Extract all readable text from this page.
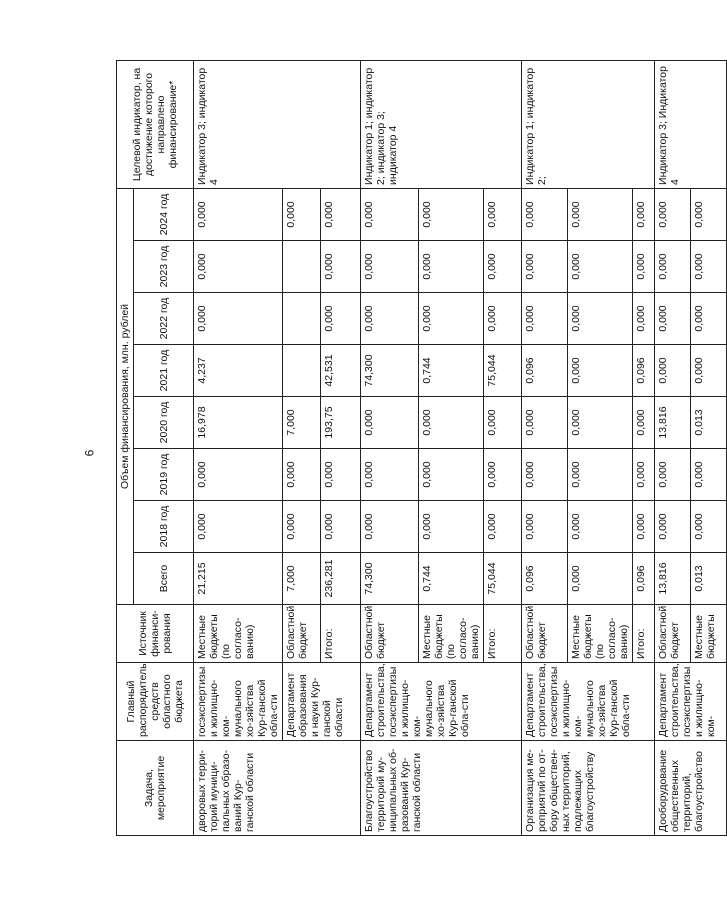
6
Задача, мероприятие	Главный распорядитель средств областного бюджета	Источник финанси-рования	Объем финансирования, млн. рублей								Целевой индикатор, на достижение которого направлено финансирование*
			Всего	2018 год	2019 год	2020 год	2021 год	2022 год	2023 год	2024 год	
дворовых терри-торий муници-пальных образо-ваний Кур-ганской области	госэкспертизы и жилищно-ком-мунального хо-зяйства Кур-ганской обла-сти	Местные бюджеты (по согласо-ванию)	21,215	0,000	0,000	16,978	4,237	0,000	0,000	0,000	Индикатор 3; индикатор 4
	Департамент образования и науки Кур-ганской области	Областной бюджет	7,000	0,000	0,000	7,000				0,000	
		Итого:	236,281	0,000	0,000	193,75	42,531	0,000	0,000	0,000	
Благоустройство территорий му-ниципальных об-разований Кур-ганской области	Департамент строительства, госэкспертизы и жилищно-ком-мунального хо-зяйства Кур-ганской обла-сти	Областной бюджет	74,300	0,000	0,000	0,000	74,300	0,000	0,000	0,000	Индикатор 1; индикатор 2; индикатор 3; индикатор 4
		Местные бюджеты (по согласо-ванию)	0,744	0,000	0,000	0,000	0,744	0,000	0,000	0,000	
		Итого:	75,044	0,000	0,000	0,000	75,044	0,000	0,000	0,000	
Организация ме-роприятий по от-бору обществен-ных территорий, подлежащих благоустройству	Департамент строительства, госэкспертизы и жилищно-ком-мунального хо-зяйства Кур-ганской обла-сти	Областной бюджет	0,096	0,000	0,000	0,000	0,096	0,000	0,000	0,000	Индикатор 1; индикатор 2;
		Местные бюджеты (по согласо-ванию)	0,000	0,000	0,000	0,000	0,000	0,000	0,000	0,000	
		Итого:	0,096	0,000	0,000	0,000	0,096	0,000	0,000	0,000	
Дооборудование общественных территорий, благоустройство	Департамент строительства, госэкспертизы и жилищно-ком-	Областной бюджет	13,816	0,000	0,000	13,816	0,000	0,000	0,000	0,000	Индикатор 3; Индикатор 4
		Местные бюджеты	0,013	0,000	0,000	0,013	0,000	0,000	0,000	0,000	
